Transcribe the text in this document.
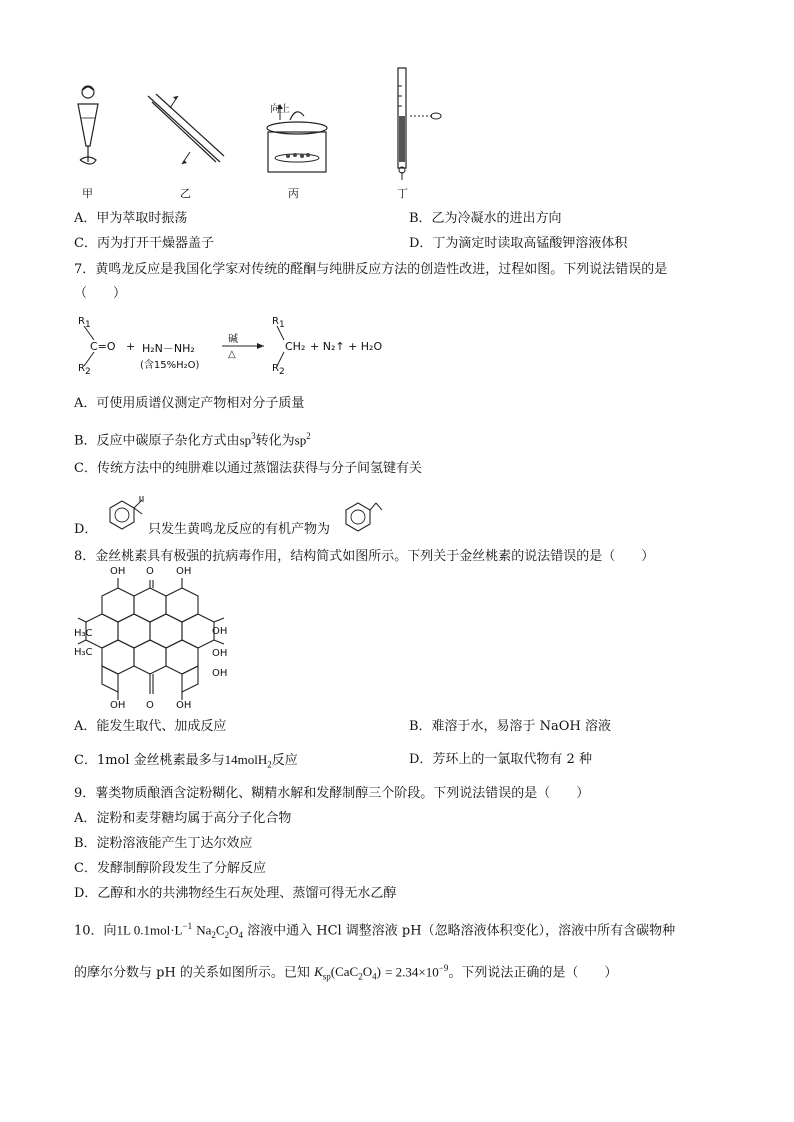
甲	乙
向上
丙	丁
A．甲为萃取时振荡	B．乙为冷凝水的进出方向
C．丙为打开干燥器盖子	D．丁为滴定时读取高锰酸钾溶液体积
7．黄鸣龙反应是我国化学家对传统的醛酮与纯肼反应方法的创造性改进，过程如图。下列说法错误的是
（　　）
$R_1$
$R_2$
C=O + H₂N－NH₂
(含15%H₂O)
碱
△
$R_1$
$R_2$
CH₂ + N₂↑ + H₂O
A．可使用质谱仪测定产物相对分子质量
B．反应中碳原子杂化方式由$sp^3$转化为$sp^2$
C．传统方法中的纯肼难以通过蒸馏法获得与分子间氢键有关
D．	只发生黄鸣龙反应的有机产物为
8．金丝桃素具有极强的抗病毒作用，结构简式如图所示。下列关于金丝桃素的说法错误的是（　　）
OH O OH
H₃C	OH
H₃C	OH
OH
OH O OH
A．能发生取代、加成反应	B．难溶于水，易溶于 NaOH 溶液
C．1mol 金丝桃素最多与14molH$_2$反应	D．芳环上的一氯取代物有 2 种
9．薯类物质酿酒含淀粉糊化、糊精水解和发酵制醇三个阶段。下列说法错误的是（　　）
A．淀粉和麦芽糖均属于高分子化合物
B．淀粉溶液能产生丁达尔效应
C．发酵制醇阶段发生了分解反应
D．乙醇和水的共沸物经生石灰处理、蒸馏可得无水乙醇
10．向1L $0.1mol\cdot L^{-1}$ $Na_2C_2O_4$ 溶液中通入 HCl 调整溶液 pH（忽略溶液体积变化），溶液中所有含碳物种
的摩尔分数与 pH 的关系如图所示。已知 $K_{sp}(CaC_2O_4) = 2.34\times 10^{-9}$。下列说法正确的是（　　）
